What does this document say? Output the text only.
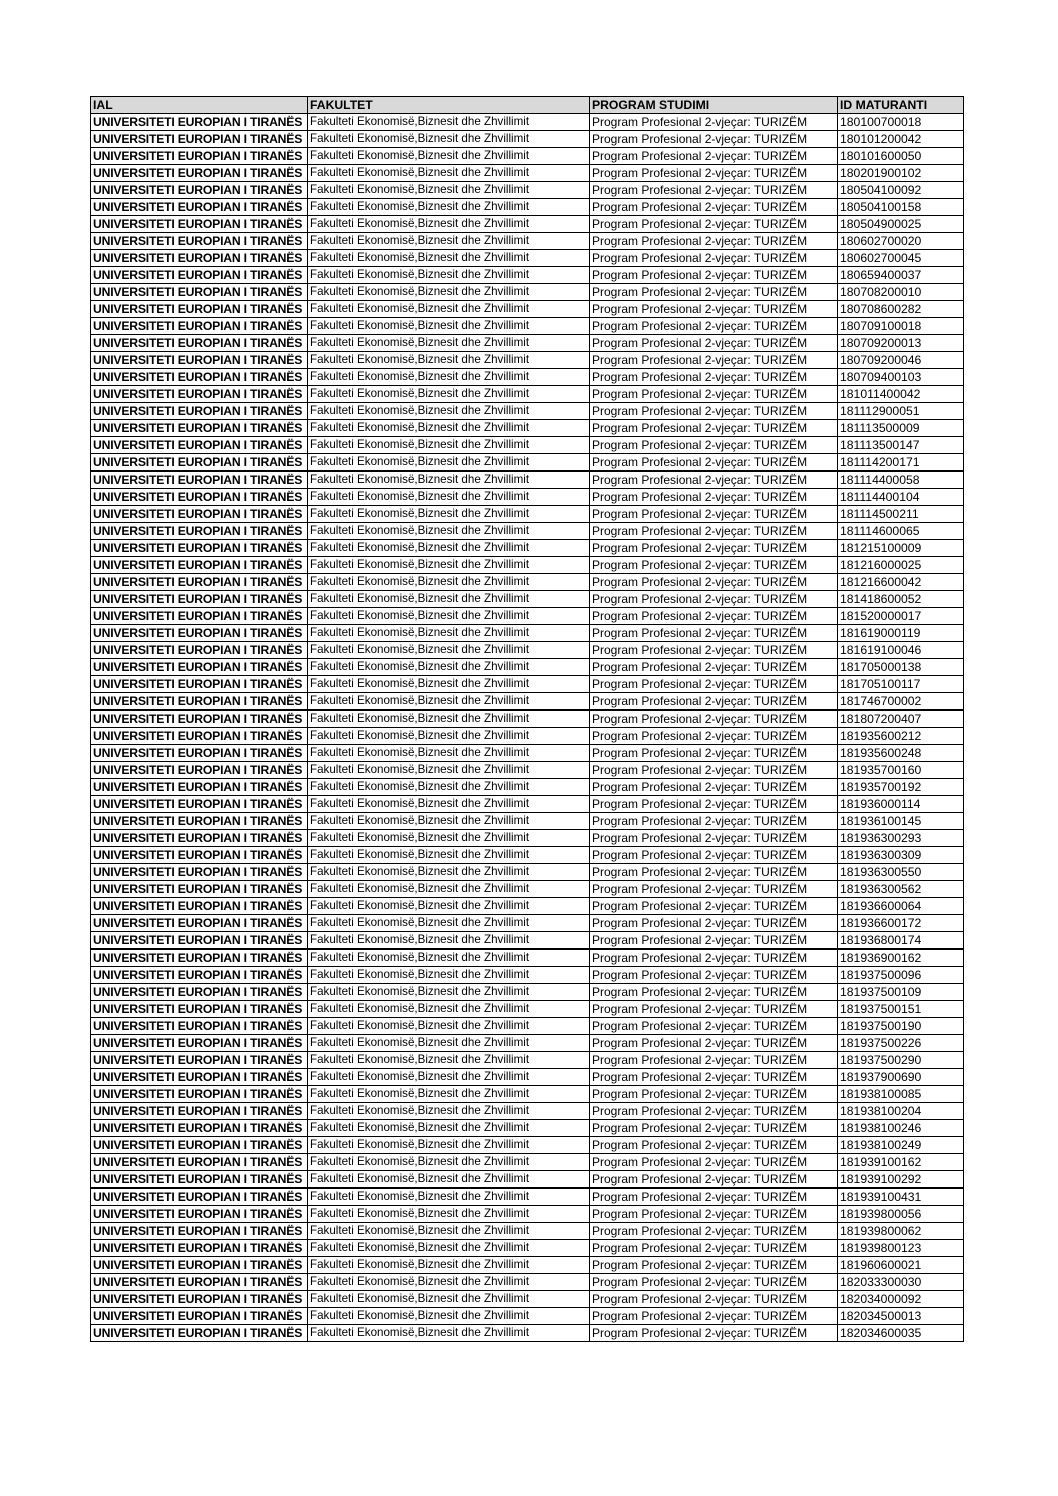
IAL	FAKULTET	PROGRAM STUDIMI	ID MATURANTI
UNIVERSITETI EUROPIAN I TIRANËS	Fakulteti Ekonomisë,Biznesit dhe Zhvillimit	Program Profesional 2-vjeçar: TURIZËM	180100700018
UNIVERSITETI EUROPIAN I TIRANËS	Fakulteti Ekonomisë,Biznesit dhe Zhvillimit	Program Profesional 2-vjeçar: TURIZËM	180101200042
UNIVERSITETI EUROPIAN I TIRANËS	Fakulteti Ekonomisë,Biznesit dhe Zhvillimit	Program Profesional 2-vjeçar: TURIZËM	180101600050
UNIVERSITETI EUROPIAN I TIRANËS	Fakulteti Ekonomisë,Biznesit dhe Zhvillimit	Program Profesional 2-vjeçar: TURIZËM	180201900102
UNIVERSITETI EUROPIAN I TIRANËS	Fakulteti Ekonomisë,Biznesit dhe Zhvillimit	Program Profesional 2-vjeçar: TURIZËM	180504100092
UNIVERSITETI EUROPIAN I TIRANËS	Fakulteti Ekonomisë,Biznesit dhe Zhvillimit	Program Profesional 2-vjeçar: TURIZËM	180504100158
UNIVERSITETI EUROPIAN I TIRANËS	Fakulteti Ekonomisë,Biznesit dhe Zhvillimit	Program Profesional 2-vjeçar: TURIZËM	180504900025
UNIVERSITETI EUROPIAN I TIRANËS	Fakulteti Ekonomisë,Biznesit dhe Zhvillimit	Program Profesional 2-vjeçar: TURIZËM	180602700020
UNIVERSITETI EUROPIAN I TIRANËS	Fakulteti Ekonomisë,Biznesit dhe Zhvillimit	Program Profesional 2-vjeçar: TURIZËM	180602700045
UNIVERSITETI EUROPIAN I TIRANËS	Fakulteti Ekonomisë,Biznesit dhe Zhvillimit	Program Profesional 2-vjeçar: TURIZËM	180659400037
UNIVERSITETI EUROPIAN I TIRANËS	Fakulteti Ekonomisë,Biznesit dhe Zhvillimit	Program Profesional 2-vjeçar: TURIZËM	180708200010
UNIVERSITETI EUROPIAN I TIRANËS	Fakulteti Ekonomisë,Biznesit dhe Zhvillimit	Program Profesional 2-vjeçar: TURIZËM	180708600282
UNIVERSITETI EUROPIAN I TIRANËS	Fakulteti Ekonomisë,Biznesit dhe Zhvillimit	Program Profesional 2-vjeçar: TURIZËM	180709100018
UNIVERSITETI EUROPIAN I TIRANËS	Fakulteti Ekonomisë,Biznesit dhe Zhvillimit	Program Profesional 2-vjeçar: TURIZËM	180709200013
UNIVERSITETI EUROPIAN I TIRANËS	Fakulteti Ekonomisë,Biznesit dhe Zhvillimit	Program Profesional 2-vjeçar: TURIZËM	180709200046
UNIVERSITETI EUROPIAN I TIRANËS	Fakulteti Ekonomisë,Biznesit dhe Zhvillimit	Program Profesional 2-vjeçar: TURIZËM	180709400103
UNIVERSITETI EUROPIAN I TIRANËS	Fakulteti Ekonomisë,Biznesit dhe Zhvillimit	Program Profesional 2-vjeçar: TURIZËM	181011400042
UNIVERSITETI EUROPIAN I TIRANËS	Fakulteti Ekonomisë,Biznesit dhe Zhvillimit	Program Profesional 2-vjeçar: TURIZËM	181112900051
UNIVERSITETI EUROPIAN I TIRANËS	Fakulteti Ekonomisë,Biznesit dhe Zhvillimit	Program Profesional 2-vjeçar: TURIZËM	181113500009
UNIVERSITETI EUROPIAN I TIRANËS	Fakulteti Ekonomisë,Biznesit dhe Zhvillimit	Program Profesional 2-vjeçar: TURIZËM	181113500147
UNIVERSITETI EUROPIAN I TIRANËS	Fakulteti Ekonomisë,Biznesit dhe Zhvillimit	Program Profesional 2-vjeçar: TURIZËM	181114200171
UNIVERSITETI EUROPIAN I TIRANËS	Fakulteti Ekonomisë,Biznesit dhe Zhvillimit	Program Profesional 2-vjeçar: TURIZËM	181114400058
UNIVERSITETI EUROPIAN I TIRANËS	Fakulteti Ekonomisë,Biznesit dhe Zhvillimit	Program Profesional 2-vjeçar: TURIZËM	181114400104
UNIVERSITETI EUROPIAN I TIRANËS	Fakulteti Ekonomisë,Biznesit dhe Zhvillimit	Program Profesional 2-vjeçar: TURIZËM	181114500211
UNIVERSITETI EUROPIAN I TIRANËS	Fakulteti Ekonomisë,Biznesit dhe Zhvillimit	Program Profesional 2-vjeçar: TURIZËM	181114600065
UNIVERSITETI EUROPIAN I TIRANËS	Fakulteti Ekonomisë,Biznesit dhe Zhvillimit	Program Profesional 2-vjeçar: TURIZËM	181215100009
UNIVERSITETI EUROPIAN I TIRANËS	Fakulteti Ekonomisë,Biznesit dhe Zhvillimit	Program Profesional 2-vjeçar: TURIZËM	181216000025
UNIVERSITETI EUROPIAN I TIRANËS	Fakulteti Ekonomisë,Biznesit dhe Zhvillimit	Program Profesional 2-vjeçar: TURIZËM	181216600042
UNIVERSITETI EUROPIAN I TIRANËS	Fakulteti Ekonomisë,Biznesit dhe Zhvillimit	Program Profesional 2-vjeçar: TURIZËM	181418600052
UNIVERSITETI EUROPIAN I TIRANËS	Fakulteti Ekonomisë,Biznesit dhe Zhvillimit	Program Profesional 2-vjeçar: TURIZËM	181520000017
UNIVERSITETI EUROPIAN I TIRANËS	Fakulteti Ekonomisë,Biznesit dhe Zhvillimit	Program Profesional 2-vjeçar: TURIZËM	181619000119
UNIVERSITETI EUROPIAN I TIRANËS	Fakulteti Ekonomisë,Biznesit dhe Zhvillimit	Program Profesional 2-vjeçar: TURIZËM	181619100046
UNIVERSITETI EUROPIAN I TIRANËS	Fakulteti Ekonomisë,Biznesit dhe Zhvillimit	Program Profesional 2-vjeçar: TURIZËM	181705000138
UNIVERSITETI EUROPIAN I TIRANËS	Fakulteti Ekonomisë,Biznesit dhe Zhvillimit	Program Profesional 2-vjeçar: TURIZËM	181705100117
UNIVERSITETI EUROPIAN I TIRANËS	Fakulteti Ekonomisë,Biznesit dhe Zhvillimit	Program Profesional 2-vjeçar: TURIZËM	181746700002
UNIVERSITETI EUROPIAN I TIRANËS	Fakulteti Ekonomisë,Biznesit dhe Zhvillimit	Program Profesional 2-vjeçar: TURIZËM	181807200407
UNIVERSITETI EUROPIAN I TIRANËS	Fakulteti Ekonomisë,Biznesit dhe Zhvillimit	Program Profesional 2-vjeçar: TURIZËM	181935600212
UNIVERSITETI EUROPIAN I TIRANËS	Fakulteti Ekonomisë,Biznesit dhe Zhvillimit	Program Profesional 2-vjeçar: TURIZËM	181935600248
UNIVERSITETI EUROPIAN I TIRANËS	Fakulteti Ekonomisë,Biznesit dhe Zhvillimit	Program Profesional 2-vjeçar: TURIZËM	181935700160
UNIVERSITETI EUROPIAN I TIRANËS	Fakulteti Ekonomisë,Biznesit dhe Zhvillimit	Program Profesional 2-vjeçar: TURIZËM	181935700192
UNIVERSITETI EUROPIAN I TIRANËS	Fakulteti Ekonomisë,Biznesit dhe Zhvillimit	Program Profesional 2-vjeçar: TURIZËM	181936000114
UNIVERSITETI EUROPIAN I TIRANËS	Fakulteti Ekonomisë,Biznesit dhe Zhvillimit	Program Profesional 2-vjeçar: TURIZËM	181936100145
UNIVERSITETI EUROPIAN I TIRANËS	Fakulteti Ekonomisë,Biznesit dhe Zhvillimit	Program Profesional 2-vjeçar: TURIZËM	181936300293
UNIVERSITETI EUROPIAN I TIRANËS	Fakulteti Ekonomisë,Biznesit dhe Zhvillimit	Program Profesional 2-vjeçar: TURIZËM	181936300309
UNIVERSITETI EUROPIAN I TIRANËS	Fakulteti Ekonomisë,Biznesit dhe Zhvillimit	Program Profesional 2-vjeçar: TURIZËM	181936300550
UNIVERSITETI EUROPIAN I TIRANËS	Fakulteti Ekonomisë,Biznesit dhe Zhvillimit	Program Profesional 2-vjeçar: TURIZËM	181936300562
UNIVERSITETI EUROPIAN I TIRANËS	Fakulteti Ekonomisë,Biznesit dhe Zhvillimit	Program Profesional 2-vjeçar: TURIZËM	181936600064
UNIVERSITETI EUROPIAN I TIRANËS	Fakulteti Ekonomisë,Biznesit dhe Zhvillimit	Program Profesional 2-vjeçar: TURIZËM	181936600172
UNIVERSITETI EUROPIAN I TIRANËS	Fakulteti Ekonomisë,Biznesit dhe Zhvillimit	Program Profesional 2-vjeçar: TURIZËM	181936800174
UNIVERSITETI EUROPIAN I TIRANËS	Fakulteti Ekonomisë,Biznesit dhe Zhvillimit	Program Profesional 2-vjeçar: TURIZËM	181936900162
UNIVERSITETI EUROPIAN I TIRANËS	Fakulteti Ekonomisë,Biznesit dhe Zhvillimit	Program Profesional 2-vjeçar: TURIZËM	181937500096
UNIVERSITETI EUROPIAN I TIRANËS	Fakulteti Ekonomisë,Biznesit dhe Zhvillimit	Program Profesional 2-vjeçar: TURIZËM	181937500109
UNIVERSITETI EUROPIAN I TIRANËS	Fakulteti Ekonomisë,Biznesit dhe Zhvillimit	Program Profesional 2-vjeçar: TURIZËM	181937500151
UNIVERSITETI EUROPIAN I TIRANËS	Fakulteti Ekonomisë,Biznesit dhe Zhvillimit	Program Profesional 2-vjeçar: TURIZËM	181937500190
UNIVERSITETI EUROPIAN I TIRANËS	Fakulteti Ekonomisë,Biznesit dhe Zhvillimit	Program Profesional 2-vjeçar: TURIZËM	181937500226
UNIVERSITETI EUROPIAN I TIRANËS	Fakulteti Ekonomisë,Biznesit dhe Zhvillimit	Program Profesional 2-vjeçar: TURIZËM	181937500290
UNIVERSITETI EUROPIAN I TIRANËS	Fakulteti Ekonomisë,Biznesit dhe Zhvillimit	Program Profesional 2-vjeçar: TURIZËM	181937900690
UNIVERSITETI EUROPIAN I TIRANËS	Fakulteti Ekonomisë,Biznesit dhe Zhvillimit	Program Profesional 2-vjeçar: TURIZËM	181938100085
UNIVERSITETI EUROPIAN I TIRANËS	Fakulteti Ekonomisë,Biznesit dhe Zhvillimit	Program Profesional 2-vjeçar: TURIZËM	181938100204
UNIVERSITETI EUROPIAN I TIRANËS	Fakulteti Ekonomisë,Biznesit dhe Zhvillimit	Program Profesional 2-vjeçar: TURIZËM	181938100246
UNIVERSITETI EUROPIAN I TIRANËS	Fakulteti Ekonomisë,Biznesit dhe Zhvillimit	Program Profesional 2-vjeçar: TURIZËM	181938100249
UNIVERSITETI EUROPIAN I TIRANËS	Fakulteti Ekonomisë,Biznesit dhe Zhvillimit	Program Profesional 2-vjeçar: TURIZËM	181939100162
UNIVERSITETI EUROPIAN I TIRANËS	Fakulteti Ekonomisë,Biznesit dhe Zhvillimit	Program Profesional 2-vjeçar: TURIZËM	181939100292
UNIVERSITETI EUROPIAN I TIRANËS	Fakulteti Ekonomisë,Biznesit dhe Zhvillimit	Program Profesional 2-vjeçar: TURIZËM	181939100431
UNIVERSITETI EUROPIAN I TIRANËS	Fakulteti Ekonomisë,Biznesit dhe Zhvillimit	Program Profesional 2-vjeçar: TURIZËM	181939800056
UNIVERSITETI EUROPIAN I TIRANËS	Fakulteti Ekonomisë,Biznesit dhe Zhvillimit	Program Profesional 2-vjeçar: TURIZËM	181939800062
UNIVERSITETI EUROPIAN I TIRANËS	Fakulteti Ekonomisë,Biznesit dhe Zhvillimit	Program Profesional 2-vjeçar: TURIZËM	181939800123
UNIVERSITETI EUROPIAN I TIRANËS	Fakulteti Ekonomisë,Biznesit dhe Zhvillimit	Program Profesional 2-vjeçar: TURIZËM	181960600021
UNIVERSITETI EUROPIAN I TIRANËS	Fakulteti Ekonomisë,Biznesit dhe Zhvillimit	Program Profesional 2-vjeçar: TURIZËM	182033300030
UNIVERSITETI EUROPIAN I TIRANËS	Fakulteti Ekonomisë,Biznesit dhe Zhvillimit	Program Profesional 2-vjeçar: TURIZËM	182034000092
UNIVERSITETI EUROPIAN I TIRANËS	Fakulteti Ekonomisë,Biznesit dhe Zhvillimit	Program Profesional 2-vjeçar: TURIZËM	182034500013
UNIVERSITETI EUROPIAN I TIRANËS	Fakulteti Ekonomisë,Biznesit dhe Zhvillimit	Program Profesional 2-vjeçar: TURIZËM	182034600035
